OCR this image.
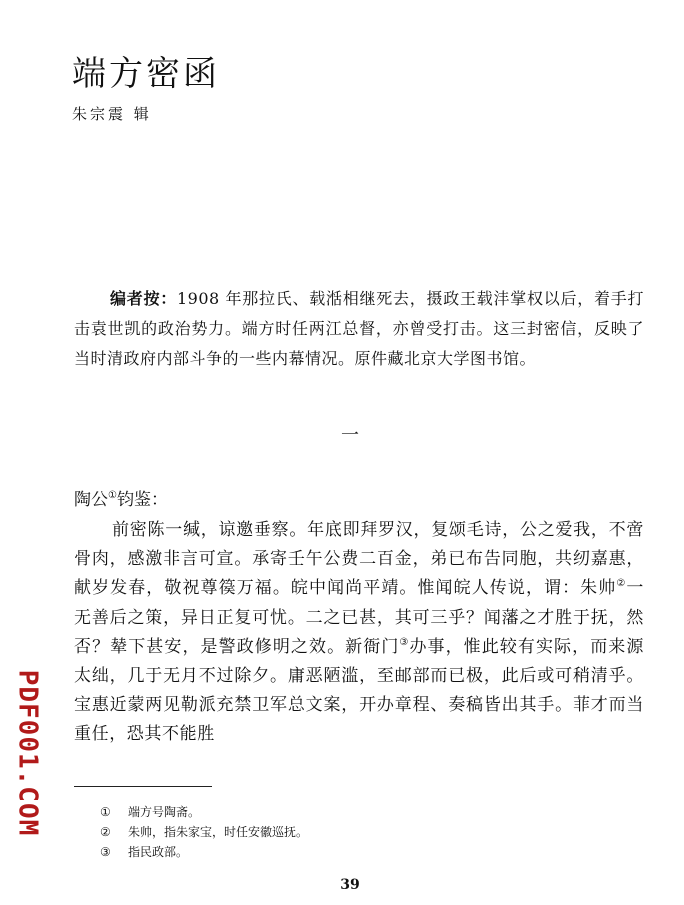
端方密函
朱宗震 辑
编者按：1908 年那拉氏、载湉相继死去，摄政王载沣掌权以后，着手打击袁世凯的政治势力。端方时任两江总督，亦曾受打击。这三封密信，反映了当时清政府内部斗争的一些内幕情况。原件藏北京大学图书馆。
一
陶公①钧鉴：
前密陈一缄，谅邀垂察。年底即拜罗汉，复颂毛诗，公之爱我，不啻骨肉，感激非言可宣。承寄壬午公费二百金，弟已布告同胞，共纫嘉惠，献岁发春，敬祝尊篌万福。皖中闻尚平靖。惟闻皖人传说，谓：朱帅②一无善后之策，异日正复可忧。二之已甚，其可三乎？闻藩之才胜于抚，然否？辇下甚安，是警政修明之效。新衙门③办事，惟此较有实际，而来源太绌，几于无月不过除夕。庸恶陋滥，至邮部而已极，此后或可稍清乎。宝惠近蒙两见勒派充禁卫军总文案，开办章程、奏稿皆出其手。菲才而当重任，恐其不能胜
①	端方号陶斋。
②	朱帅，指朱家宝，时任安徽巡抚。
③	指民政部。
39
PDF001.COM
